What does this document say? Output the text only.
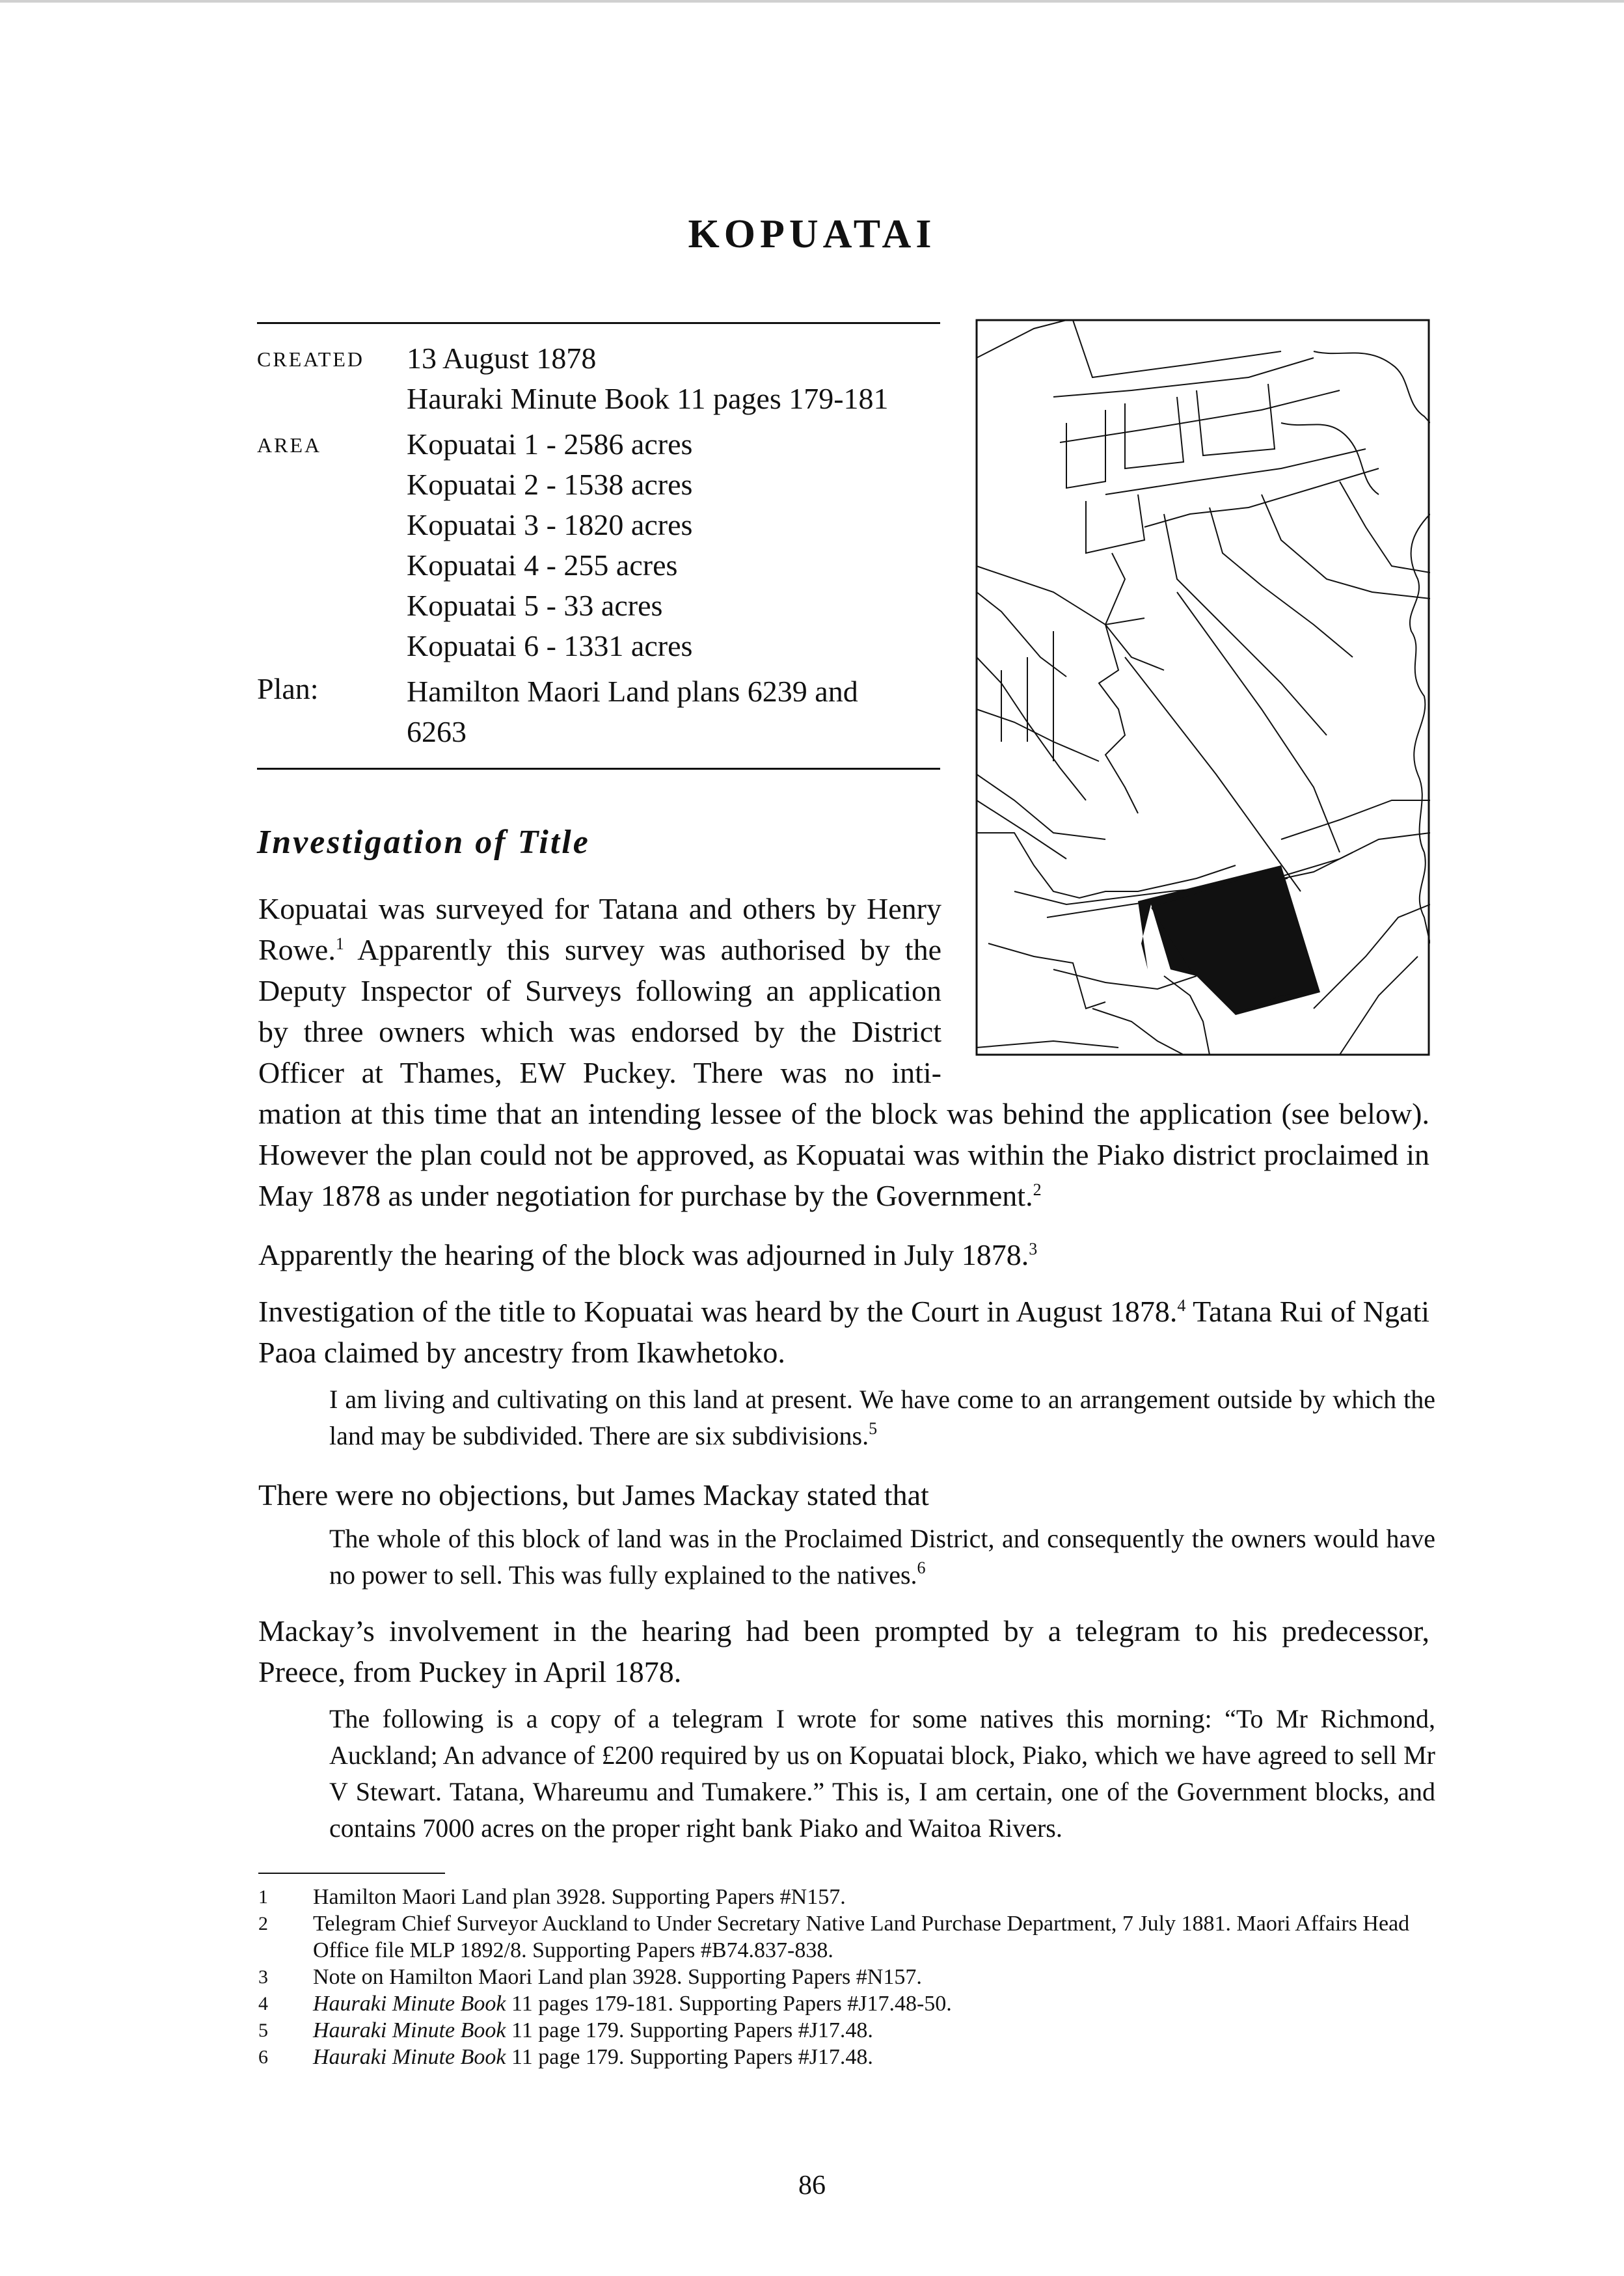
KOPUATAI
CREATED	13 August 1878
Hauraki Minute Book 11 pages 179-181
AREA	Kopuatai 1 - 2586 acres
Kopuatai 2 - 1538 acres
Kopuatai 3 - 1820 acres
Kopuatai 4 - 255 acres
Kopuatai 5 - 33 acres
Kopuatai 6 - 1331 acres
Plan:	Hamilton Maori Land plans 6239 and
6263
Investigation of Title
Kopuatai was surveyed for Tatana and others by Henry
Rowe.$^1$ Apparently this survey was authorised by the
Deputy Inspector of Surveys following an application
by three owners which was endorsed by the District
Officer at Thames, EW Puckey. There was no inti-
mation at this time that an intending lessee of the block was behind the application (see below). However the plan could not be approved, as Kopuatai was within the Piako district proclaimed in May 1878 as under negotiation for purchase by the Government.$^2$
Apparently the hearing of the block was adjourned in July 1878.$^3$
Investigation of the title to Kopuatai was heard by the Court in August 1878.$^4$ Tatana Rui of Ngati Paoa claimed by ancestry from Ikawhetoko.
I am living and cultivating on this land at present. We have come to an arrangement outside by which the land may be subdivided. There are six subdivisions.$^5$
There were no objections, but James Mackay stated that
The whole of this block of land was in the Proclaimed District, and consequently the owners would have no power to sell. This was fully explained to the natives.$^6$
Mackay’s involvement in the hearing had been prompted by a telegram to his predecessor, Preece, from Puckey in April 1878.
The following is a copy of a telegram I wrote for some natives this morning: “To Mr Richmond, Auckland; An advance of £200 required by us on Kopuatai block, Piako, which we have agreed to sell Mr V Stewart. Tatana, Whareumu and Tumakere.” This is, I am certain, one of the Government blocks, and contains 7000 acres on the proper right bank Piako and Waitoa Rivers.
1	Hamilton Maori Land plan 3928. Supporting Papers #N157.
2	Telegram Chief Surveyor Auckland to Under Secretary Native Land Purchase Department, 7 July 1881. Maori Affairs Head Office file MLP 1892/8. Supporting Papers #B74.837-838.
3	Note on Hamilton Maori Land plan 3928. Supporting Papers #N157.
4	Hauraki Minute Book 11 pages 179-181. Supporting Papers #J17.48-50.
5	Hauraki Minute Book 11 page 179. Supporting Papers #J17.48.
6	Hauraki Minute Book 11 page 179. Supporting Papers #J17.48.
86
